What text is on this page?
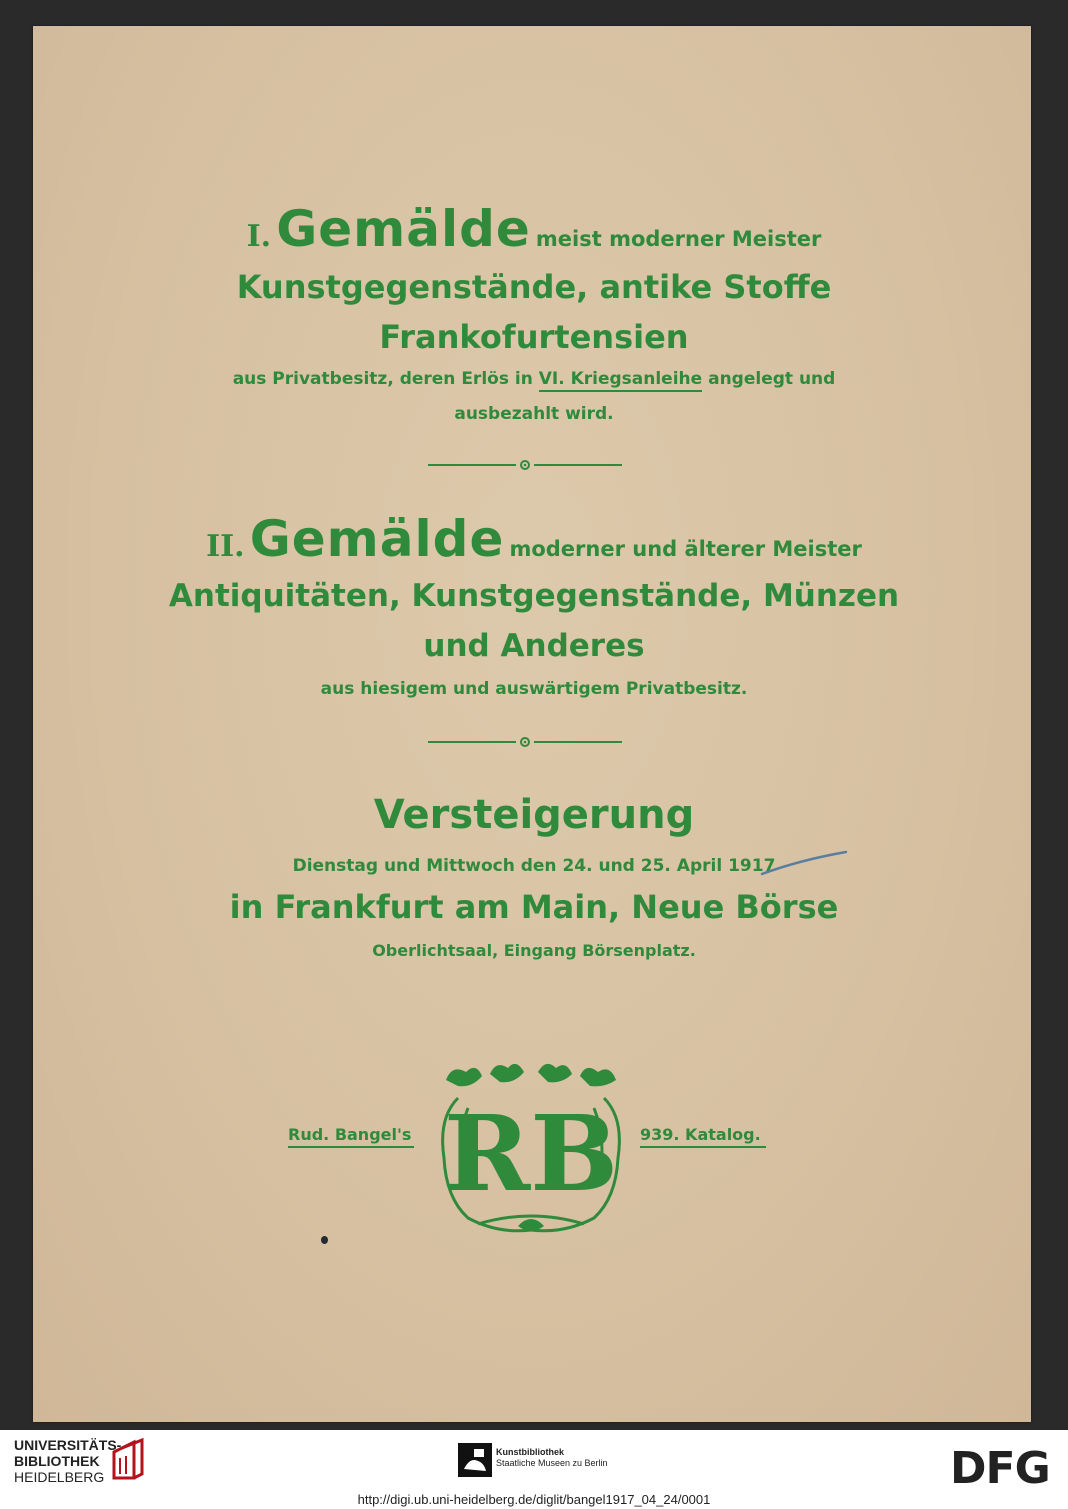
I. Gemälde meist moderner Meister
Kunstgegenstände, antike Stoffe
Frankofurtensien
aus Privatbesitz, deren Erlös in VI. Kriegsanleihe angelegt und
ausbezahlt wird.
II. Gemälde moderner und älterer Meister
Antiquitäten, Kunstgegenstände, Münzen
und Anderes
aus hiesigem und auswärtigem Privatbesitz.
Versteigerung
Dienstag und Mittwoch den 24. und 25. April 1917
in Frankfurt am Main, Neue Börse
Oberlichtsaal, Eingang Börsenplatz.
Rud. Bangel's	939. Katalog.
RB
UNIVERSITÄTS-
BIBLIOTHEK
HEIDELBERG
Kunstbibliothek
Staatliche Museen zu Berlin	DFG
http://digi.ub.uni-heidelberg.de/diglit/bangel1917_04_24/0001
